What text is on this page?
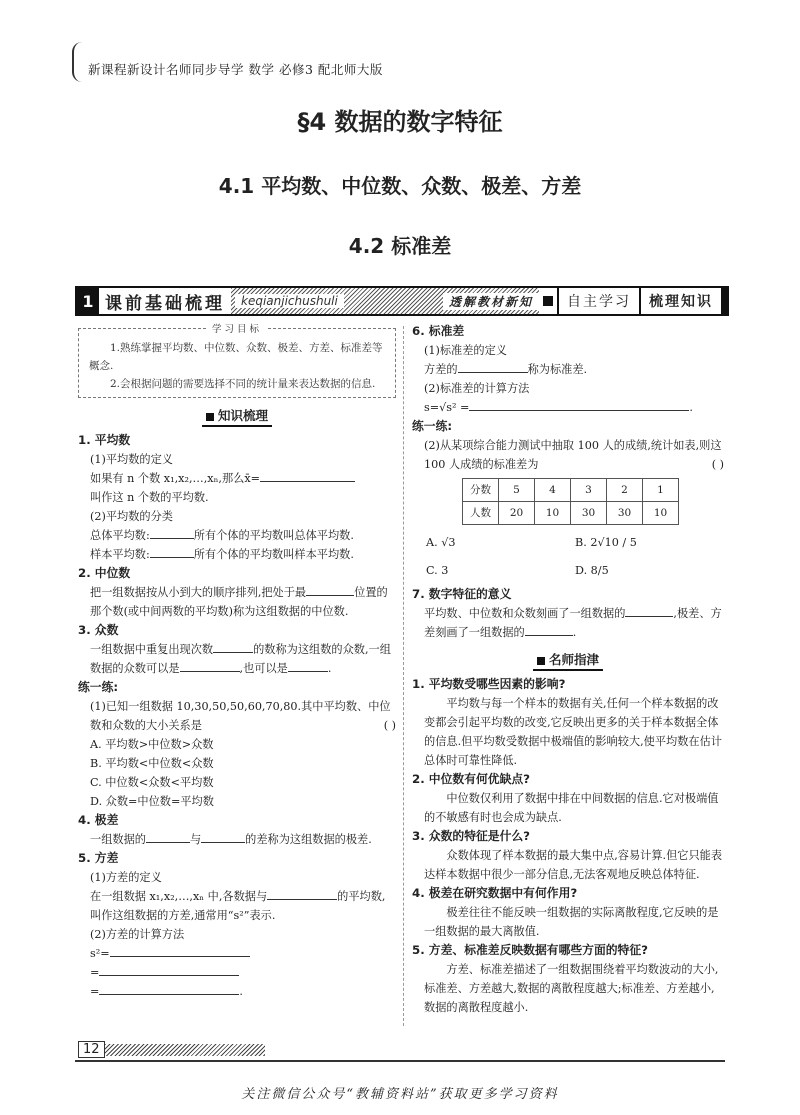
新课程新设计名师同步导学 数学 必修3 配北师大版
§4 数据的数字特征
4.1 平均数、中位数、众数、极差、方差
4.2 标准差
1 课前基础梳理	keqianjichushuli	透解教材新知	自主学习	梳理知识
学习目标
1.熟练掌握平均数、中位数、众数、极差、方差、标准差等概念.
2.会根据问题的需要选择不同的统计量来表达数据的信息.
知识梳理
1. 平均数
(1)平均数的定义
如果有 n 个数 x₁,x₂,…,xₙ,那么x̄=
叫作这 n 个数的平均数.
(2)平均数的分类
总体平均数:	所有个体的平均数叫总体平均数.
样本平均数:	所有个体的平均数叫样本平均数.
2. 中位数
把一组数据按从小到大的顺序排列,把处于最	位置的那个数(或中间两数的平均数)称为这组数据的中位数.
3. 众数
一组数据中重复出现次数	的数称为这组数的众数,一组数据的众数可以是	,也可以是	.
练一练:
(1)已知一组数据 10,30,50,50,60,70,80.其中平均数、中位数和众数的大小关系是	( )
A. 平均数>中位数>众数
B. 平均数<中位数<众数
C. 中位数<众数<平均数
D. 众数=中位数=平均数
4. 极差
一组数据的	与	的差称为这组数据的极差.
5. 方差
(1)方差的定义
在一组数据 x₁,x₂,…,xₙ 中,各数据与	的平均数,叫作这组数据的方差,通常用“s²”表示.
(2)方差的计算方法
s²=
=
=	.
6. 标准差
(1)标准差的定义
方差的	称为标准差.
(2)标准差的计算方法
s=√s² =	.
练一练:
(2)从某项综合能力测试中抽取 100 人的成绩,统计如表,则这 100 人成绩的标准差为	( )
分数	5	4	3	2	1
人数	20	10	30	30	10
A. √3	B. 2√10 / 5
C. 3	D. 8/5
7. 数字特征的意义
平均数、中位数和众数刻画了一组数据的	,极差、方差刻画了一组数据的	.
名师指津
1. 平均数受哪些因素的影响?
平均数与每一个样本的数据有关,任何一个样本数据的改变都会引起平均数的改变,它反映出更多的关于样本数据全体的信息.但平均数受数据中极端值的影响较大,使平均数在估计总体时可靠性降低.
2. 中位数有何优缺点?
中位数仅利用了数据中排在中间数据的信息.它对极端值的不敏感有时也会成为缺点.
3. 众数的特征是什么?
众数体现了样本数据的最大集中点,容易计算.但它只能表达样本数据中很少一部分信息,无法客观地反映总体特征.
4. 极差在研究数据中有何作用?
极差往往不能反映一组数据的实际离散程度,它反映的是一组数据的最大离散值.
5. 方差、标准差反映数据有哪些方面的特征?
方差、标准差描述了一组数据围绕着平均数波动的大小,标准差、方差越大,数据的离散程度越大;标准差、方差越小,数据的离散程度越小.
12
关注微信公众号“教辅资料站”获取更多学习资料
